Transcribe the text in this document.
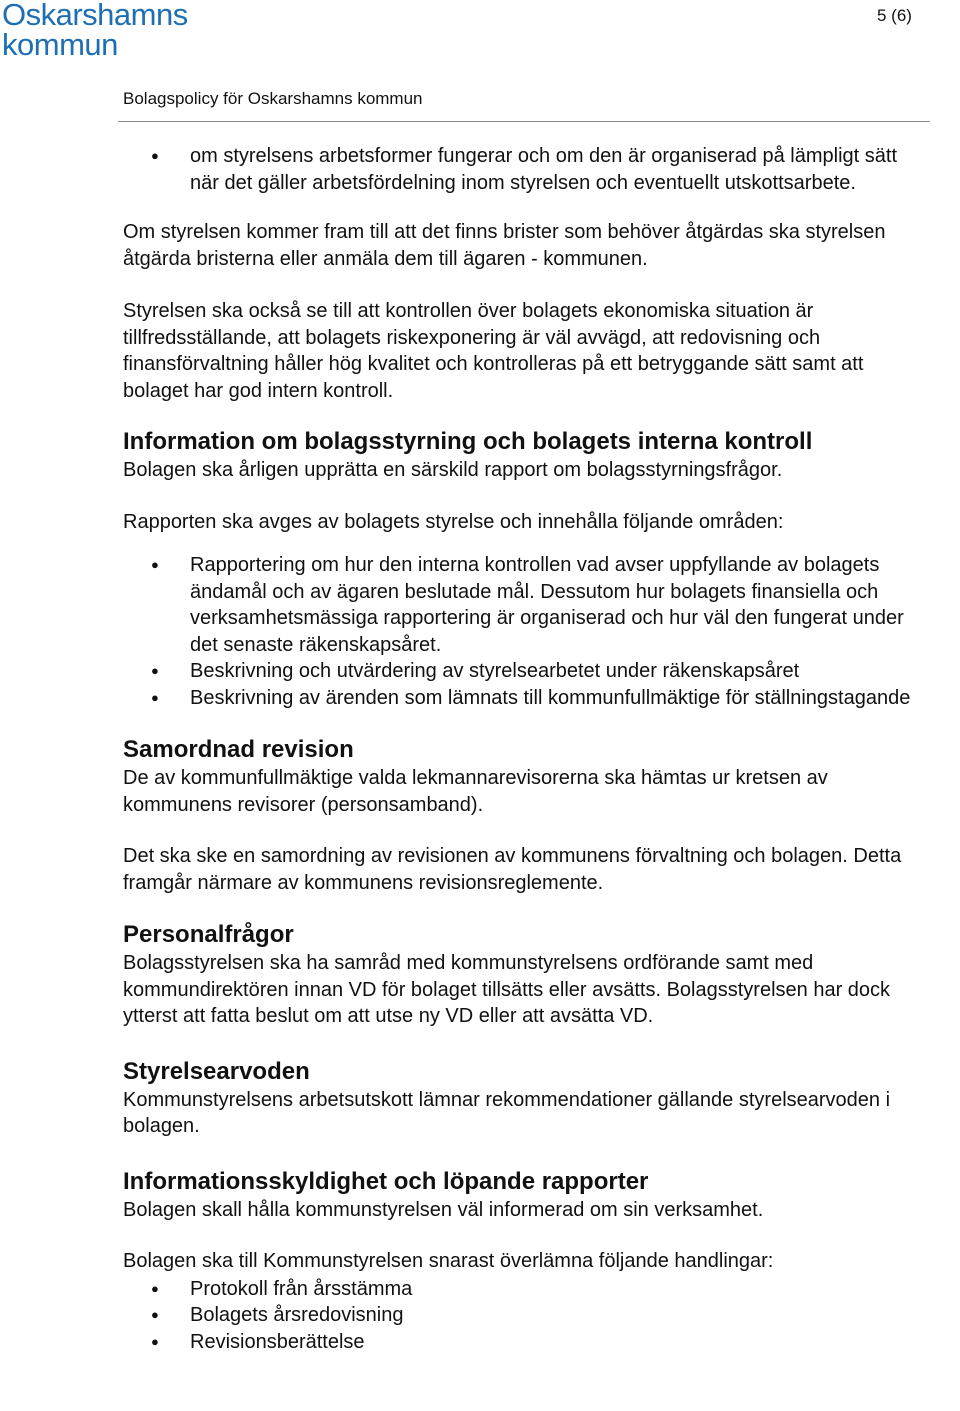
Oskarshamns
kommun
5 (6)
Bolagspolicy för Oskarshamns kommun
● om styrelsens arbetsformer fungerar och om den är organiserad på lämpligt sätt när det gäller arbetsfördelning inom styrelsen och eventuellt utskottsarbete.

Om styrelsen kommer fram till att det finns brister som behöver åtgärdas ska styrelsen åtgärda bristerna eller anmäla dem till ägaren - kommunen.

Styrelsen ska också se till att kontrollen över bolagets ekonomiska situation är tillfredsställande, att bolagets riskexponering är väl avvägd, att redovisning och finansförvaltning håller hög kvalitet och kontrolleras på ett betryggande sätt samt att bolaget har god intern kontroll.

Information om bolagsstyrning och bolagets interna kontroll

Bolagen ska årligen upprätta en särskild rapport om bolagsstyrningsfrågor.

Rapporten ska avges av bolagets styrelse och innehålla följande områden:

● Rapportering om hur den interna kontrollen vad avser uppfyllande av bolagets ändamål och av ägaren beslutade mål. Dessutom hur bolagets finansiella och verksamhetsmässiga rapportering är organiserad och hur väl den fungerat under det senaste räkenskapsåret.
● Beskrivning och utvärdering av styrelsearbetet under räkenskapsåret
● Beskrivning av ärenden som lämnats till kommunfullmäktige för ställningstagande
Samordnad revision

De av kommunfullmäktige valda lekmannarevisorerna ska hämtas ur kretsen av kommunens revisorer (personsamband).

Det ska ske en samordning av revisionen av kommunens förvaltning och bolagen. Detta framgår närmare av kommunens revisionsreglemente.

Personalfrågor

Bolagsstyrelsen ska ha samråd med kommunstyrelsens ordförande samt med kommundirektören innan VD för bolaget tillsätts eller avsätts. Bolagsstyrelsen har dock ytterst att fatta beslut om att utse ny VD eller att avsätta VD.

Styrelsearvoden

Kommunstyrelsens arbetsutskott lämnar rekommendationer gällande styrelsearvoden i bolagen.

Informationsskyldighet och löpande rapporter

Bolagen skall hålla kommunstyrelsen väl informerad om sin verksamhet.

Bolagen ska till Kommunstyrelsen snarast överlämna följande handlingar:

● Protokoll från årsstämma
● Bolagets årsredovisning
● Revisionsberättelse
